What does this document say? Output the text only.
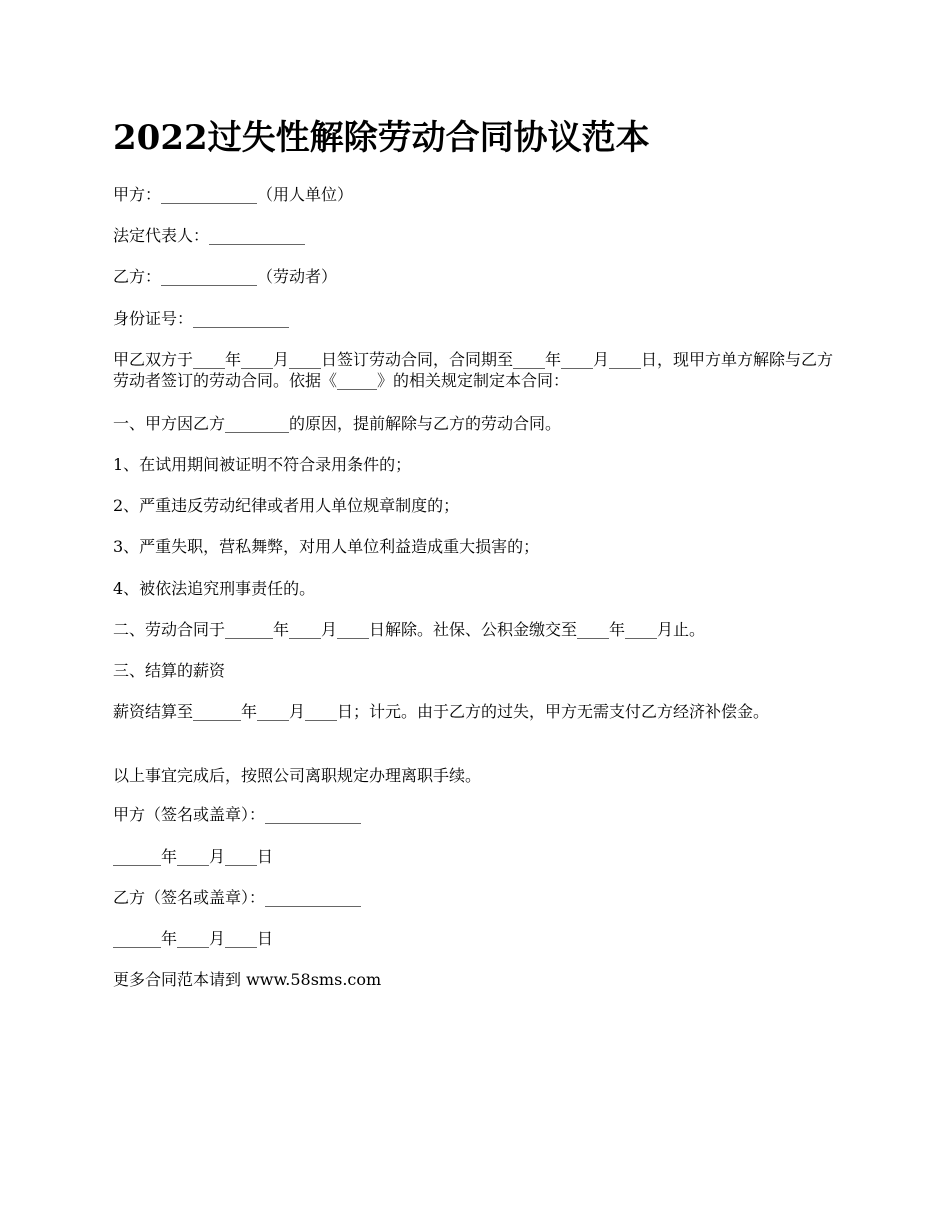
2022过失性解除劳动合同协议范本

甲方：____________（用人单位）

法定代表人：____________

乙方：____________（劳动者）

身份证号：____________

甲乙双方于____年____月____日签订劳动合同，合同期至____年____月____日，现甲方单方解除与乙方劳动者签订的劳动合同。依据《_____》的相关规定制定本合同：

一、甲方因乙方________的原因，提前解除与乙方的劳动合同。

1、在试用期间被证明不符合录用条件的；

2、严重违反劳动纪律或者用人单位规章制度的；

3、严重失职，营私舞弊，对用人单位利益造成重大损害的；

4、被依法追究刑事责任的。

二、劳动合同于______年____月____日解除。社保、公积金缴交至____年____月止。

三、结算的薪资

薪资结算至______年____月____日；计元。由于乙方的过失，甲方无需支付乙方经济补偿金。

以上事宜完成后，按照公司离职规定办理离职手续。

甲方（签名或盖章）：____________

______年____月____日

乙方（签名或盖章）：____________

______年____月____日

更多合同范本请到 www.58sms.com
